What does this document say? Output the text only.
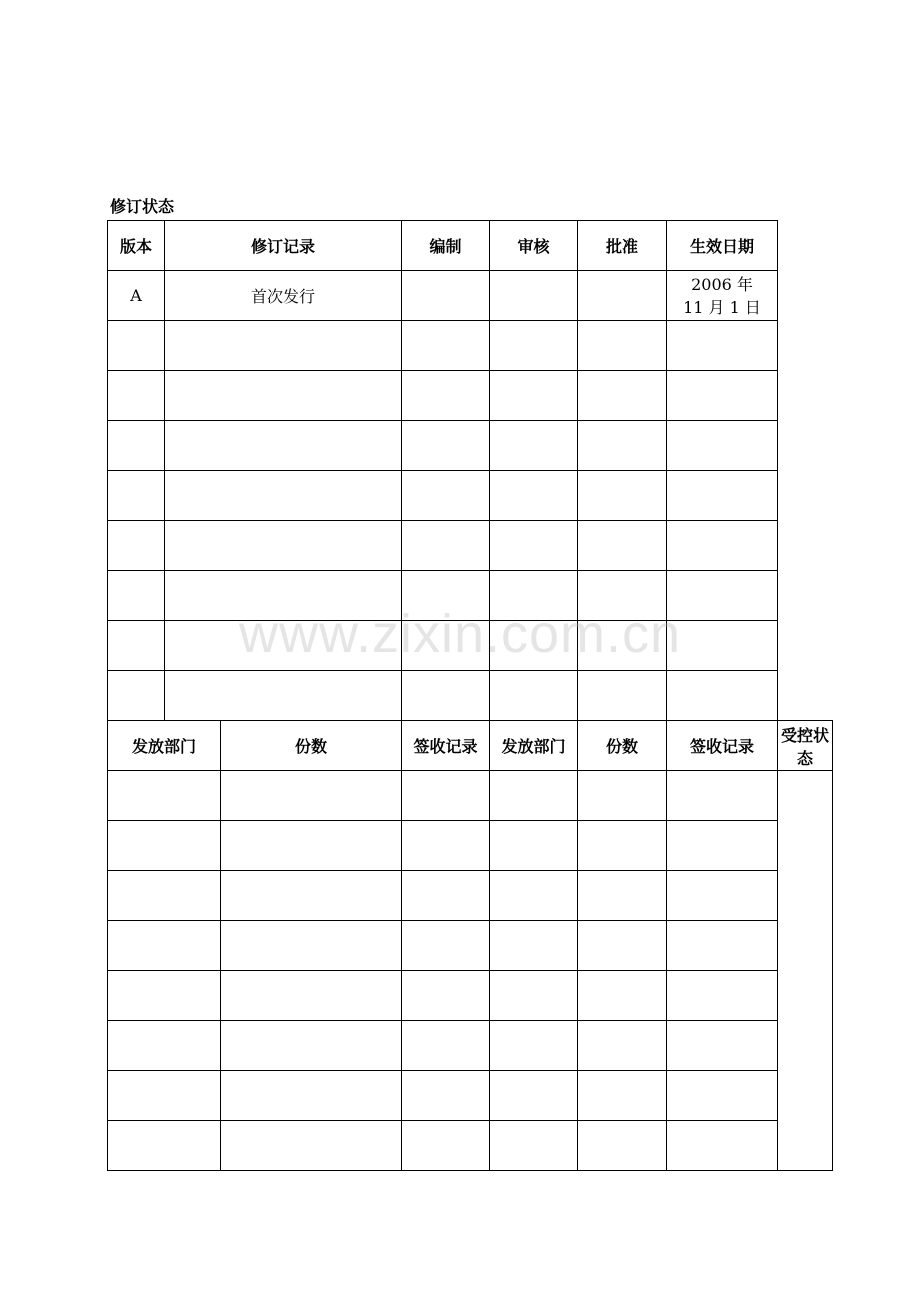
修订状态
版本	修订记录		编制	审核	批准	生效日期	
A	首次发行					2006 年
11 月 1 日	

发放部门		份数	签收记录	发放部门	份数	签收记录	受控状态

www.zixin.com.cn
